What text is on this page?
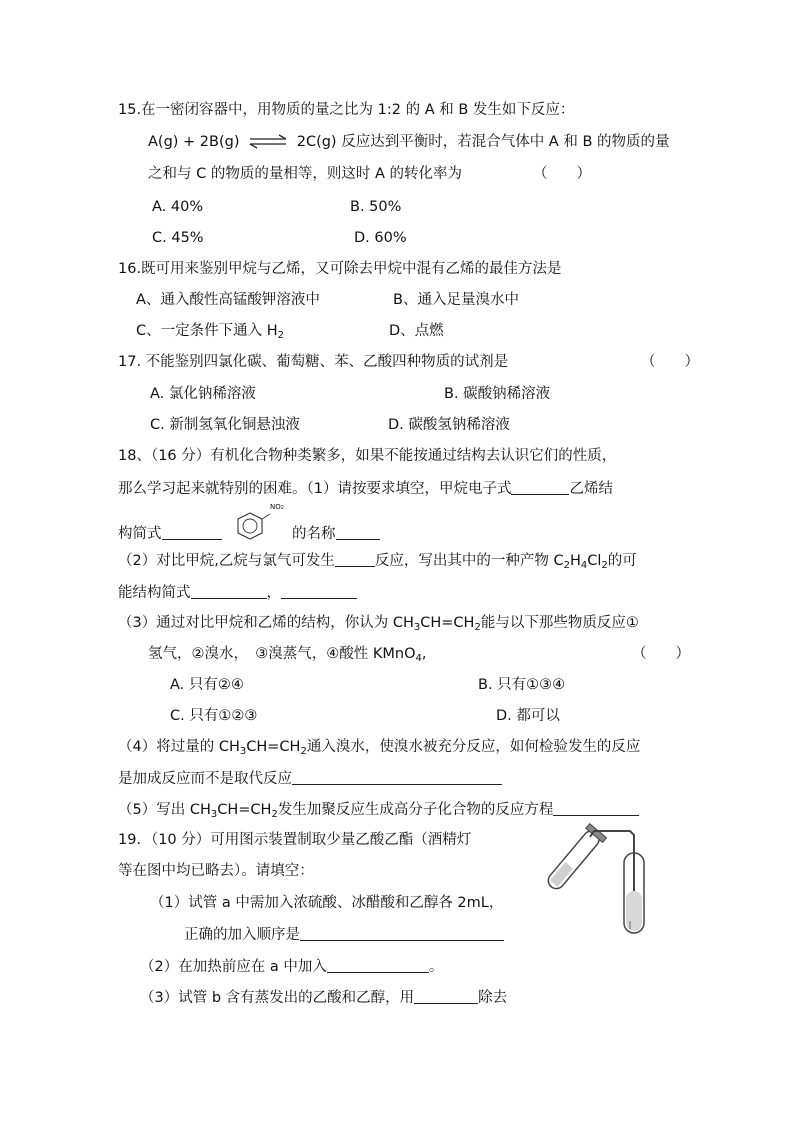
15.在一密闭容器中，用物质的量之比为 1:2 的 A 和 B 发生如下反应：
A(g) + 2B(g) ⇌ 2C(g) 反应达到平衡时，若混合气体中 A 和 B 的物质的量
之和与 C 的物质的量相等，则这时 A 的转化率为	（　　）
A. 40%	B. 50%
C. 45%	D. 60%
16.既可用来鉴别甲烷与乙烯，又可除去甲烷中混有乙烯的最佳方法是
A、通入酸性高锰酸钾溶液中	B、通入足量溴水中
C、一定条件下通入 $H_2$	D、点燃
17. 不能鉴别四氯化碳、葡萄糖、苯、乙酸四种物质的试剂是	（　　）
A. 氯化钠稀溶液	B. 碳酸钠稀溶液
C. 新制氢氧化铜悬浊液	D. 碳酸氢钠稀溶液
18、（16 分）有机化合物种类繁多，如果不能按通过结构去认识它们的性质，
那么学习起来就特别的困难。（1）请按要求填空，甲烷电子式	乙烯结
构简式
NO2
的名称
（2）对比甲烷,乙烷与氯气可发生	反应，写出其中的一种产物 $C_2H_4Cl_2$的可
能结构简式	，
（3）通过对比甲烷和乙烯的结构，你认为 $CH_3CH=CH_2$能与以下那些物质反应①
氢气，②溴水，　③溴蒸气，④酸性 KMnO$_4$,	（　　）
A. 只有②④	B. 只有①③④
C. 只有①②③	D. 都可以
（4）将过量的 $CH_3CH=CH_2$通入溴水，使溴水被充分反应，如何检验发生的反应
是加成反应而不是取代反应
（5）写出 $CH_3CH=CH_2$发生加聚反应生成高分子化合物的反应方程
19．（10 分）可用图示装置制取少量乙酸乙酯（酒精灯
等在图中均已略去）。请填空：
（1）试管 a 中需加入浓硫酸、冰醋酸和乙醇各 2mL，
正确的加入顺序是
（2）在加热前应在 a 中加入	。
（3）试管 b 含有蒸发出的乙酸和乙醇，用	除去
